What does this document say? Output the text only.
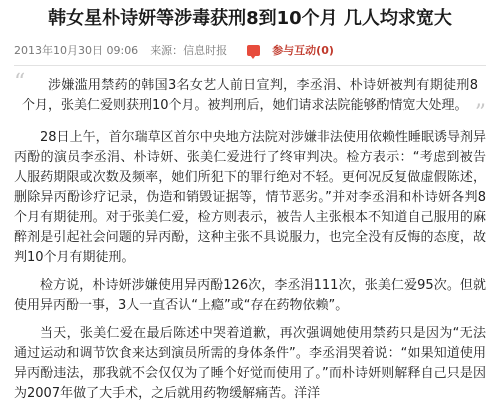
韩女星朴诗妍等涉毒获刑8到10个月 几人均求宽大
2013年10月30日 09:06 来源：信息时报	参与互动(0)
“	涉嫌滥用禁药的韩国3名女艺人前日宣判，李丞涓、朴诗妍被判有期徒刑8个月，张美仁爱则获刑10个月。被判刑后，她们请求法院能够酌情宽大处理。 ”

28日上午，首尔瑞草区首尔中央地方法院对涉嫌非法使用依赖性睡眠诱导剂异丙酚的演员李丞涓、朴诗妍、张美仁爱进行了终审判决。检方表示：“考虑到被告人服药期限或次数及频率，她们所犯下的罪行绝对不轻。更何况反复做虚假陈述，删除异丙酚诊疗记录，伪造和销毁证据等，情节恶劣。”并对李丞涓和朴诗妍各判8个月有期徒刑。对于张美仁爱，检方则表示，被告人主张根本不知道自己服用的麻醉剂是引起社会问题的异丙酚，这种主张不具说服力，也完全没有反悔的态度，故判10个月有期徒刑。

检方说，朴诗妍涉嫌使用异丙酚126次，李丞涓111次，张美仁爱95次。但就使用异丙酚一事，3人一直否认“上瘾”或“存在药物依赖”。

当天，张美仁爱在最后陈述中哭着道歉，再次强调她使用禁药只是因为“无法通过运动和调节饮食来达到演员所需的身体条件”。李丞涓哭着说：“如果知道使用异丙酚违法，那我就不会仅仅为了睡个好觉而使用了。”而朴诗妍则解释自己只是因为2007年做了大手术，之后就用药物缓解痛苦。洋洋
